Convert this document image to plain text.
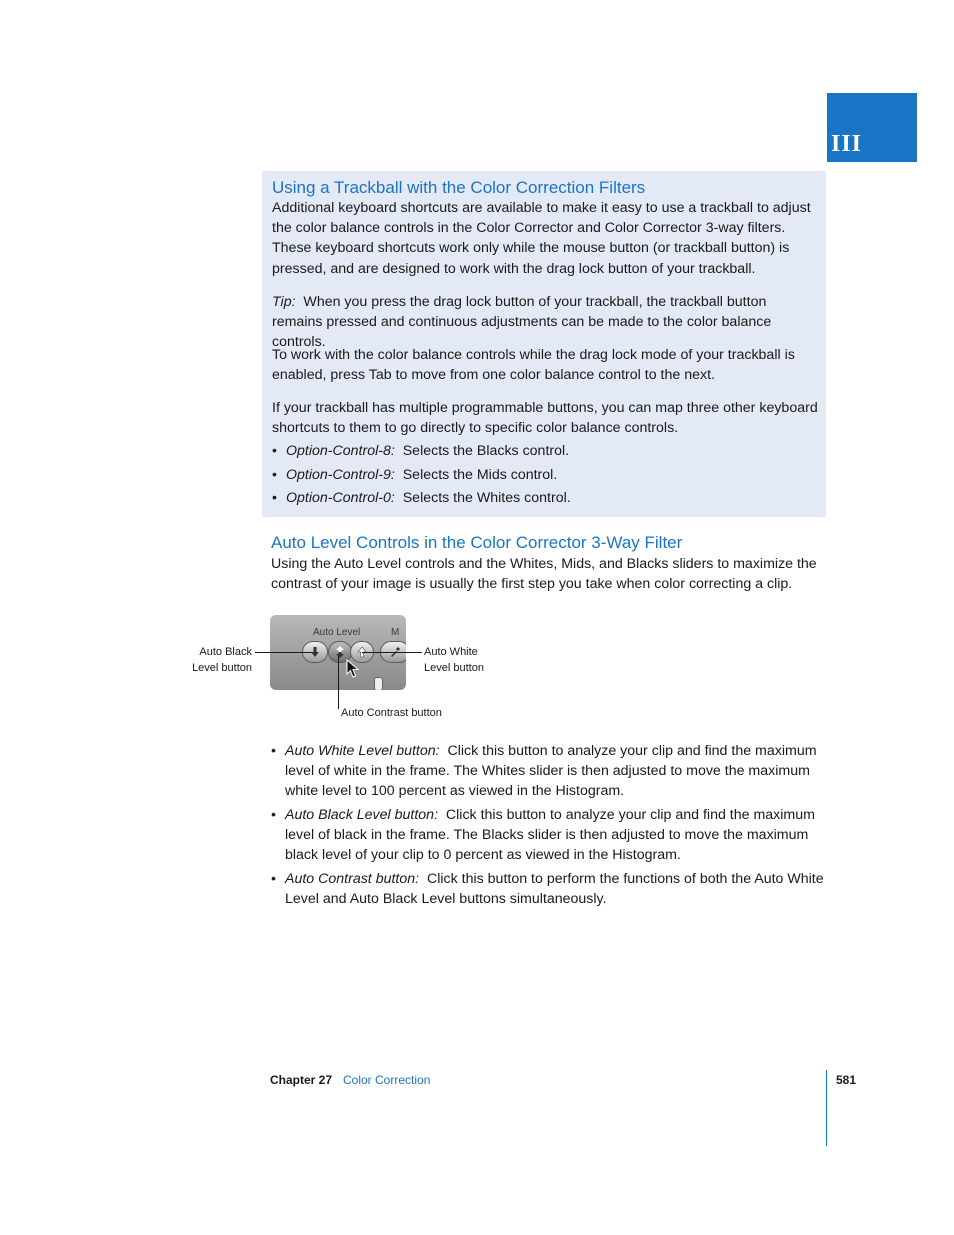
III
Using a Trackball with the Color Correction Filters

Additional keyboard shortcuts are available to make it easy to use a trackball to adjust the color balance controls in the Color Corrector and Color Corrector 3-way filters. These keyboard shortcuts work only while the mouse button (or trackball button) is pressed, and are designed to work with the drag lock button of your trackball.

Tip: When you press the drag lock button of your trackball, the trackball button remains pressed and continuous adjustments can be made to the color balance controls.

To work with the color balance controls while the drag lock mode of your trackball is enabled, press Tab to move from one color balance control to the next.

If your trackball has multiple programmable buttons, you can map three other keyboard shortcuts to them to go directly to specific color balance controls.

• Option-Control-8: Selects the Blacks control.

• Option-Control-9: Selects the Mids control.

• Option-Control-0: Selects the Whites control.

Auto Level Controls in the Color Corrector 3-Way Filter

Using the Auto Level controls and the Whites, Mids, and Blacks sliders to maximize the contrast of your image is usually the first step you take when color correcting a clip.

Auto Level	M
Auto Black
Level button
Auto White
Level button
Auto Contrast button

• Auto White Level button: Click this button to analyze your clip and find the maximum level of white in the frame. The Whites slider is then adjusted to move the maximum white level to 100 percent as viewed in the Histogram.

• Auto Black Level button: Click this button to analyze your clip and find the maximum level of black in the frame. The Blacks slider is then adjusted to move the maximum black level of your clip to 0 percent as viewed in the Histogram.

• Auto Contrast button: Click this button to perform the functions of both the Auto White Level and Auto Black Level buttons simultaneously.

Chapter 27 Color Correction	581
